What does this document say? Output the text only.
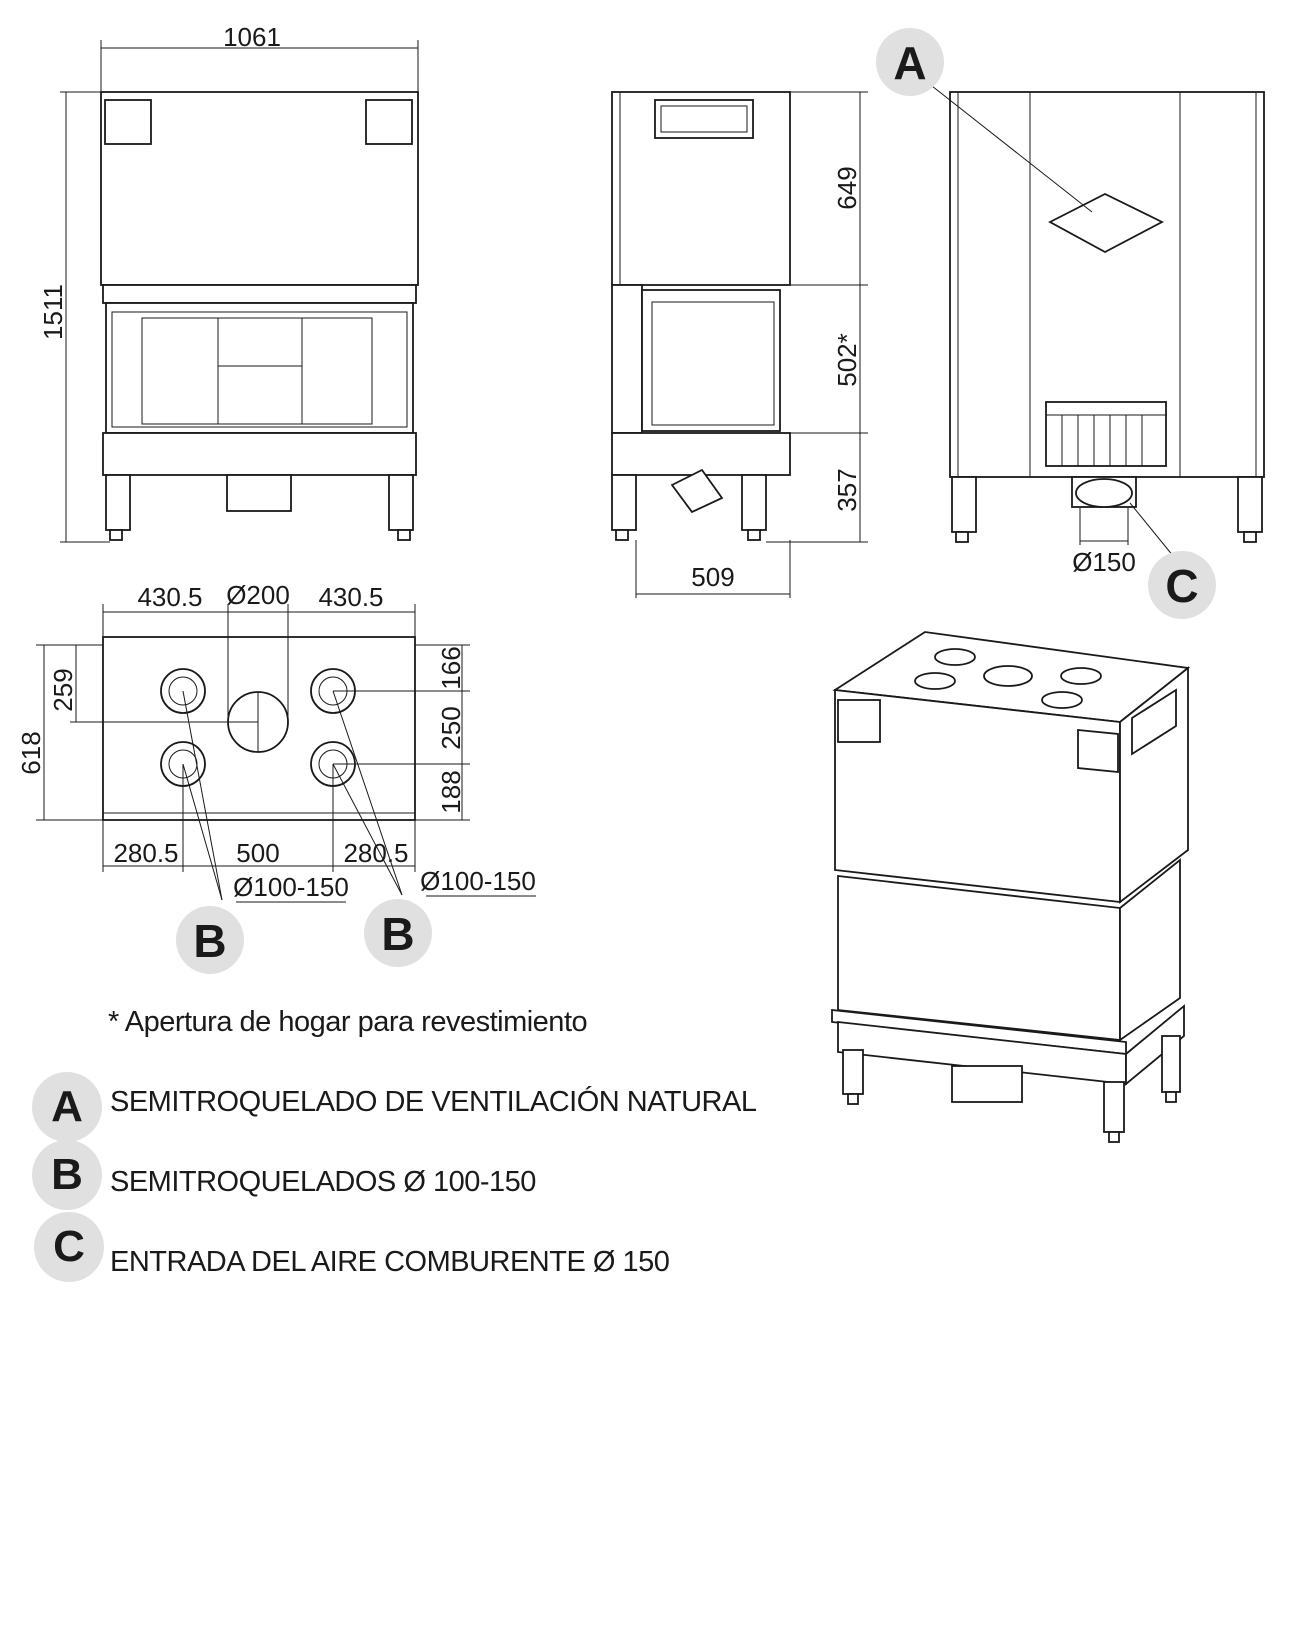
1061
1511
649
502*
357
509	Ø150
A
C
430.5 Ø200 430.5
618
259
166
250
188
280.5 500 280.5
Ø100-150	Ø100-150
B	B
* Apertura de hogar para revestimiento
A SEMITROQUELADO DE VENTILACIÓN NATURAL
B SEMITROQUELADOS Ø 100-150
C ENTRADA DEL AIRE COMBURENTE Ø 150
